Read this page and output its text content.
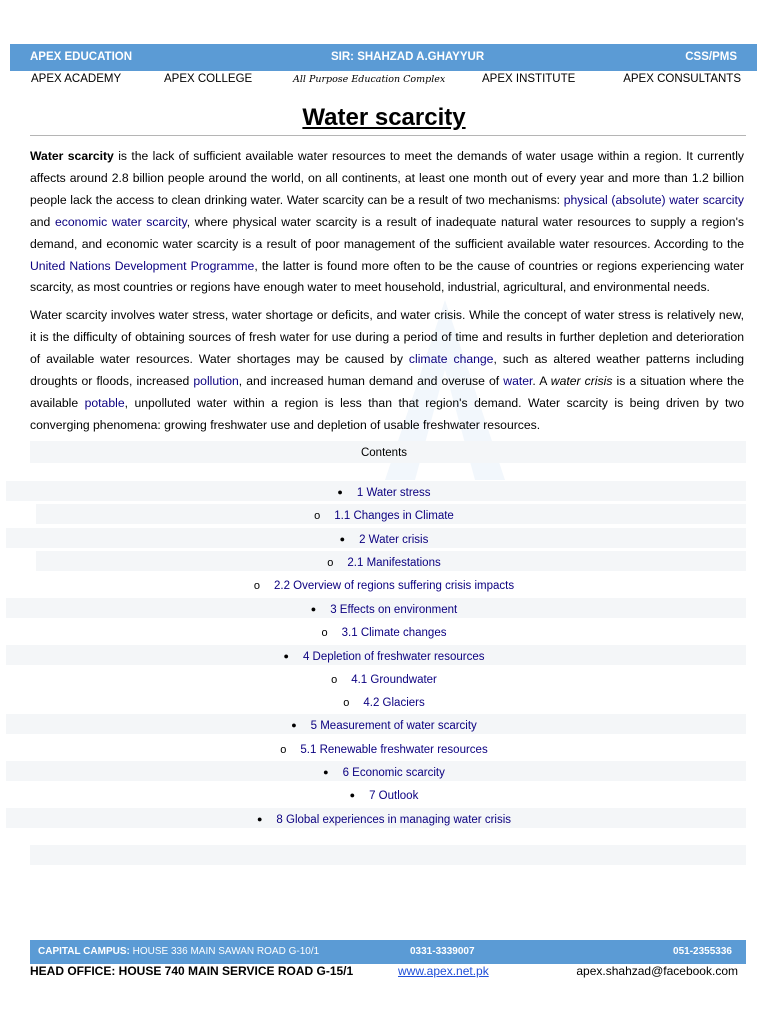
APEX EDUCATION	SIR: SHAHZAD A.GHAYYUR	CSS/PMS
APEX ACADEMY	APEX COLLEGE	All Purpose Education Complex	APEX INSTITUTE	APEX CONSULTANTS
Water scarcity
Water scarcity is the lack of sufficient available water resources to meet the demands of water usage within a region. It currently affects around 2.8 billion people around the world, on all continents, at least one month out of every year and more than 1.2 billion people lack the access to clean drinking water. Water scarcity can be a result of two mechanisms: physical (absolute) water scarcity and economic water scarcity, where physical water scarcity is a result of inadequate natural water resources to supply a region's demand, and economic water scarcity is a result of poor management of the sufficient available water resources. According to the United Nations Development Programme, the latter is found more often to be the cause of countries or regions experiencing water scarcity, as most countries or regions have enough water to meet household, industrial, agricultural, and environmental needs.
Water scarcity involves water stress, water shortage or deficits, and water crisis. While the concept of water stress is relatively new, it is the difficulty of obtaining sources of fresh water for use during a period of time and results in further depletion and deterioration of available water resources. Water shortages may be caused by climate change, such as altered weather patterns including droughts or floods, increased pollution, and increased human demand and overuse of water. A water crisis is a situation where the available potable, unpolluted water within a region is less than that region's demand. Water scarcity is being driven by two converging phenomena: growing freshwater use and depletion of usable freshwater resources.
Contents
● 1 Water stress
o 1.1 Changes in Climate
● 2 Water crisis
o 2.1 Manifestations
o 2.2 Overview of regions suffering crisis impacts
● 3 Effects on environment
o 3.1 Climate changes
● 4 Depletion of freshwater resources
o 4.1 Groundwater
o 4.2 Glaciers
● 5 Measurement of water scarcity
o 5.1 Renewable freshwater resources
● 6 Economic scarcity
● 7 Outlook
● 8 Global experiences in managing water crisis
CAPITAL CAMPUS: HOUSE 336 MAIN SAWAN ROAD G-10/1	0331-3339007	051-2355336
HEAD OFFICE: HOUSE 740 MAIN SERVICE ROAD G-15/1	www.apex.net.pk	apex.shahzad@facebook.com
